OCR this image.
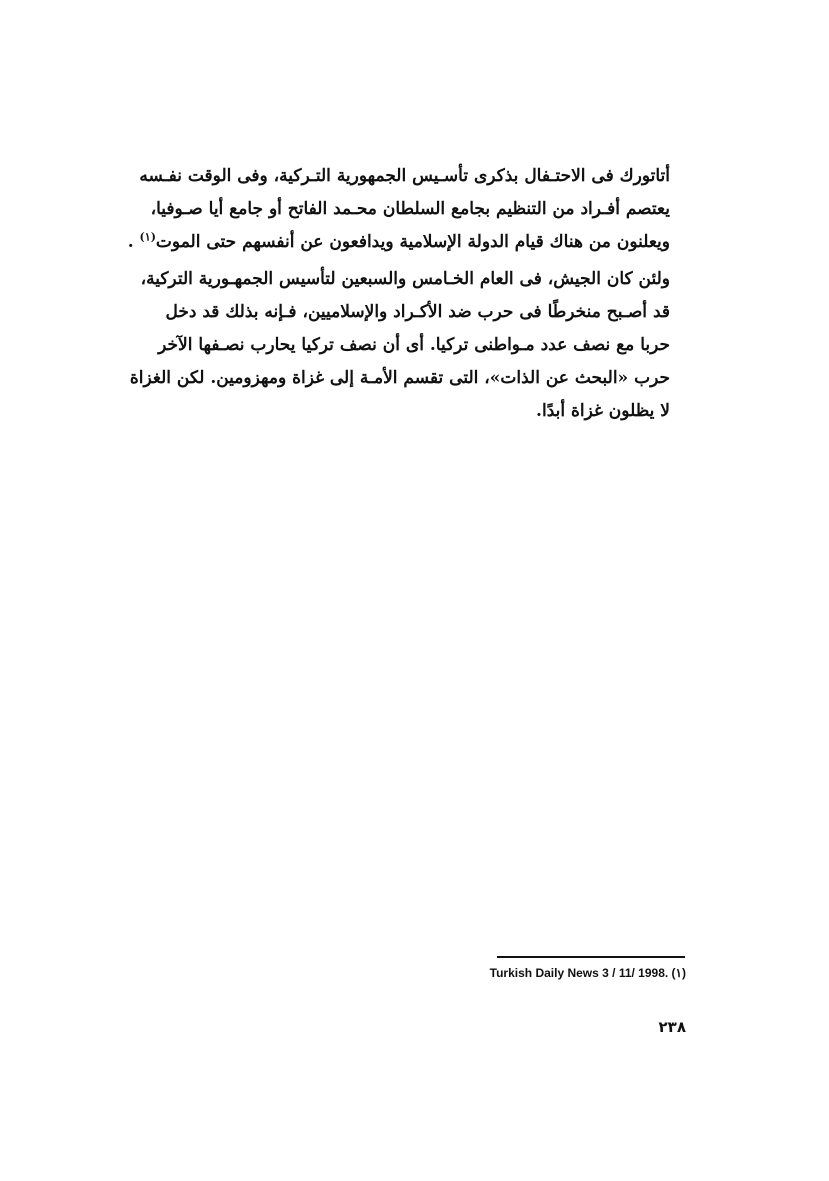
أتاتورك فى الاحتـفال بذكرى تأسـيس الجمهورية التـركية، وفى الوقت نفـسه
يعتصم أفـراد من التنظيم بجامع السلطان محـمد الفاتح أو جامع أيا صـوفيا،
ويعلنون من هناك قيام الدولة الإسلامية ويدافعون عن أنفسهم حتى الموت$^{(١)}$ .
ولئن كان الجيش، فى العام الخـامس والسبعين لتأسيس الجمهـورية التركية،
قد أصـبح منخرطًا فى حرب ضد الأكـراد والإسلاميين، فـإنه بذلك قد دخل
حربا مع نصف عدد مـواطنى تركيا. أى أن نصف تركيا يحارب نصـفها الآخر
حرب «البحث عن الذات»، التى تقسم الأمـة إلى غزاة ومهزومين. لكن الغزاة
لا يظلون غزاة أبدًا.
Turkish Daily News 3 / 11/ 1998. (١)
٢٣٨
